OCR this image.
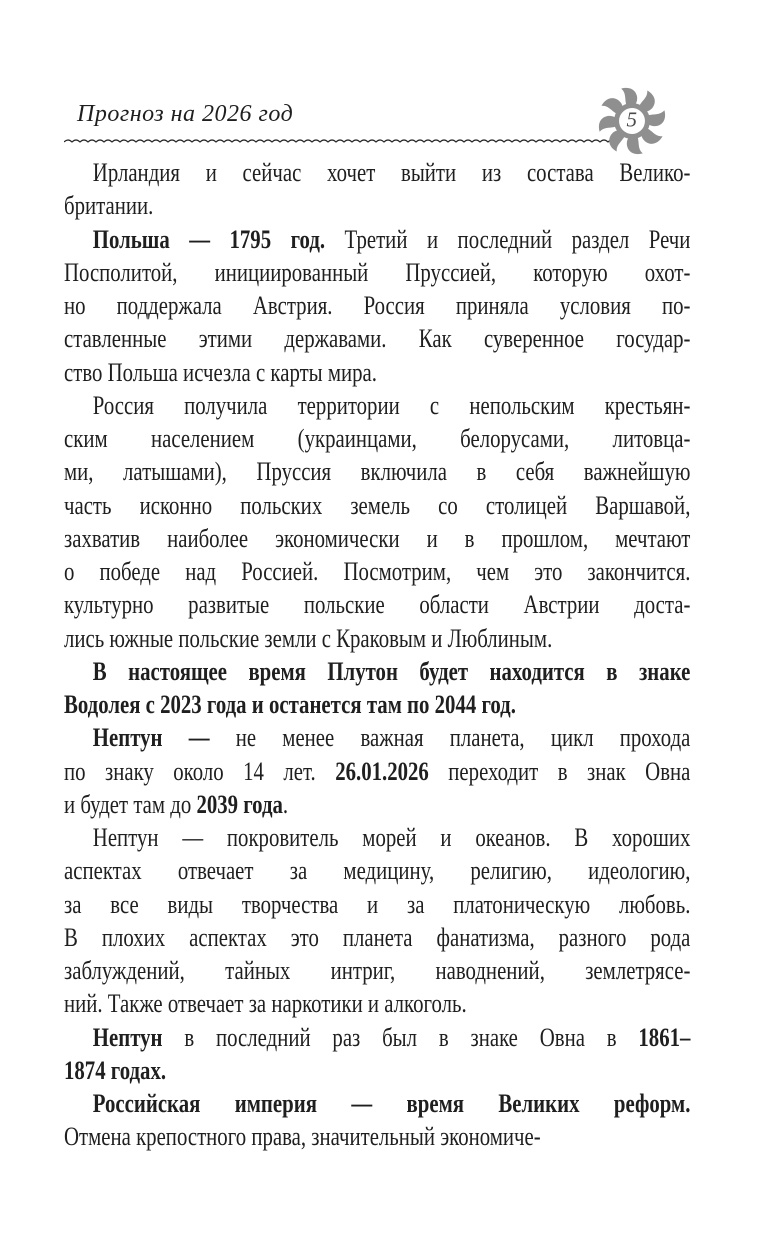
Прогноз на 2026 год	5
Ирландия и сейчас хочет выйти из состава Велико-
британии.
Польша — 1795 год. Третий и последний раздел Речи
Посполитой, инициированный Пруссией, которую охот-
но поддержала Австрия. Россия приняла условия по-
ставленные этими державами. Как суверенное государ-
ство Польша исчезла с карты мира.
Россия получила территории с непольским крестьян-
ским населением (украинцами, белорусами, литовца-
ми, латышами), Пруссия включила в себя важнейшую
часть исконно польских земель со столицей Варшавой,
захватив наиболее экономически и в прошлом, мечтают
о победе над Россией. Посмотрим, чем это закончится.
культурно развитые польские области Австрии доста-
лись южные польские земли с Краковым и Люблиным.
В настоящее время Плутон будет находится в знаке
Водолея с 2023 года и останется там по 2044 год.
Нептун — не менее важная планета, цикл прохода
по знаку около 14 лет. 26.01.2026 переходит в знак Овна
и будет там до 2039 года.
Нептун — покровитель морей и океанов. В хороших
аспектах отвечает за медицину, религию, идеологию,
за все виды творчества и за платоническую любовь.
В плохих аспектах это планета фанатизма, разного рода
заблуждений, тайных интриг, наводнений, землетрясе-
ний. Также отвечает за наркотики и алкоголь.
Нептун в последний раз был в знаке Овна в 1861–
1874 годах.
Российская империя — время Великих реформ.
Отмена крепостного права, значительный экономиче-
